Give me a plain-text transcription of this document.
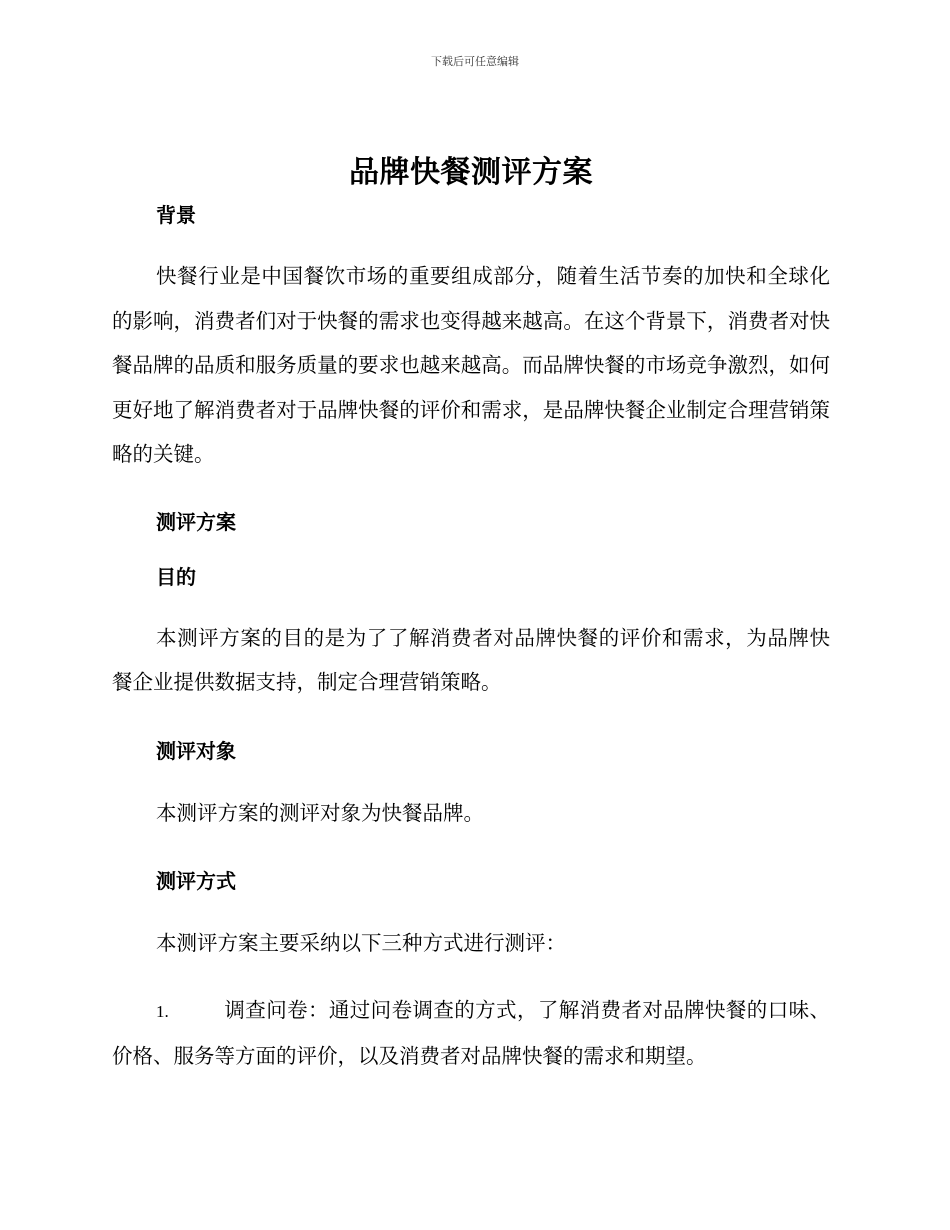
下载后可任意编辑
品牌快餐测评方案

背景

快餐行业是中国餐饮市场的重要组成部分，随着生活节奏的加快和全球化的影响，消费者们对于快餐的需求也变得越来越高。在这个背景下，消费者对快餐品牌的品质和服务质量的要求也越来越高。而品牌快餐的市场竞争激烈，如何更好地了解消费者对于品牌快餐的评价和需求，是品牌快餐企业制定合理营销策略的关键。

测评方案

目的

本测评方案的目的是为了了解消费者对品牌快餐的评价和需求，为品牌快餐企业提供数据支持，制定合理营销策略。

测评对象

本测评方案的测评对象为快餐品牌。

测评方式

本测评方案主要采纳以下三种方式进行测评：

1.	调查问卷：通过问卷调查的方式，了解消费者对品牌快餐的口味、价格、服务等方面的评价，以及消费者对品牌快餐的需求和期望。
